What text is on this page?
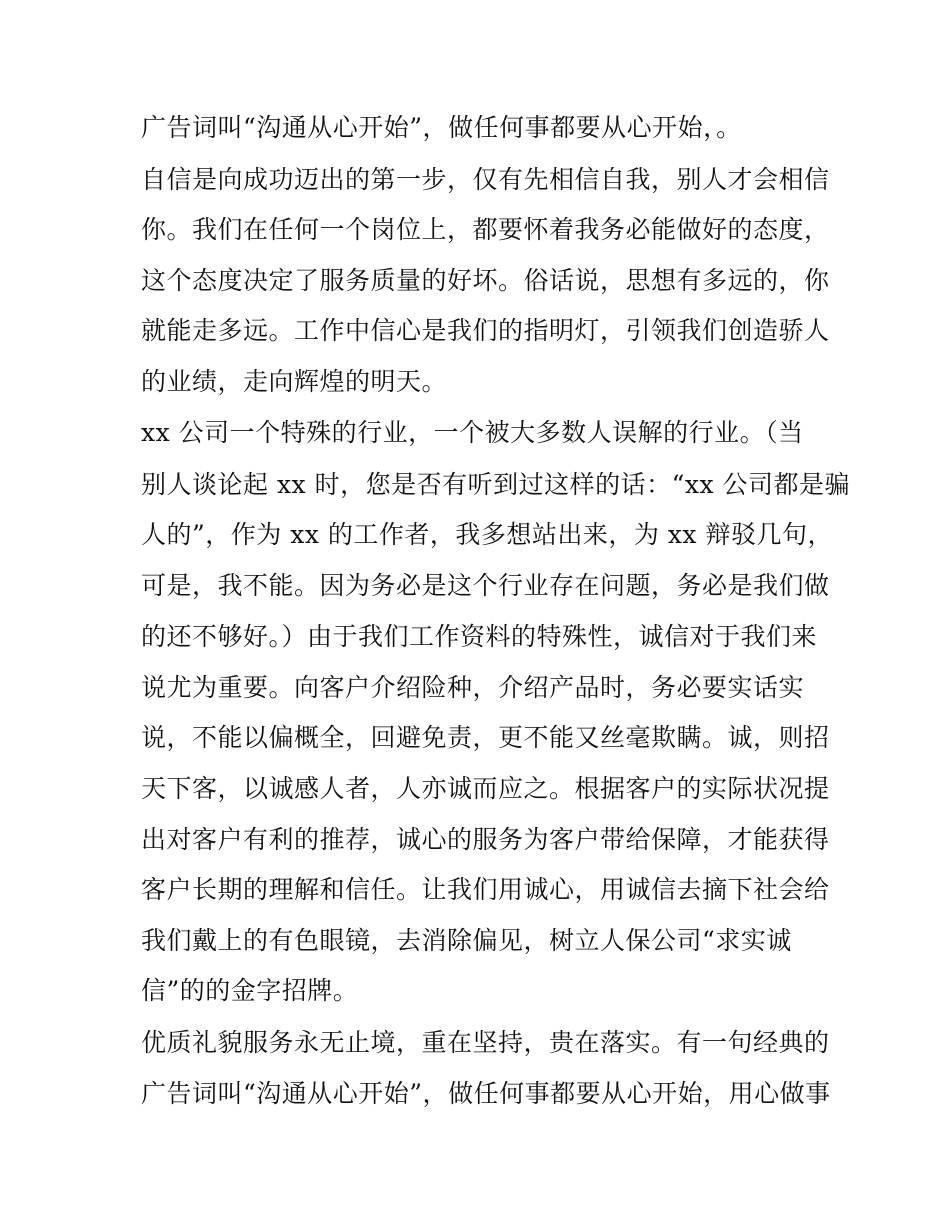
广告词叫“沟通从心开始”，做任何事都要从心开始，。
自信是向成功迈出的第一步，仅有先相信自我，别人才会相信
你。我们在任何一个岗位上，都要怀着我务必能做好的态度，
这个态度决定了服务质量的好坏。俗话说，思想有多远的，你
就能走多远。工作中信心是我们的指明灯，引领我们创造骄人
的业绩，走向辉煌的明天。
xx 公司一个特殊的行业，一个被大多数人误解的行业。（当
别人谈论起 xx 时，您是否有听到过这样的话：“xx 公司都是骗
人的”，作为 xx 的工作者，我多想站出来，为 xx 辩驳几句，
可是，我不能。因为务必是这个行业存在问题，务必是我们做
的还不够好。）由于我们工作资料的特殊性，诚信对于我们来
说尤为重要。向客户介绍险种，介绍产品时，务必要实话实
说，不能以偏概全，回避免责，更不能又丝毫欺瞒。诚，则招
天下客，以诚感人者，人亦诚而应之。根据客户的实际状况提
出对客户有利的推荐，诚心的服务为客户带给保障，才能获得
客户长期的理解和信任。让我们用诚心，用诚信去摘下社会给
我们戴上的有色眼镜，去消除偏见，树立人保公司“求实诚
信”的的金字招牌。
优质礼貌服务永无止境，重在坚持，贵在落实。有一句经典的
广告词叫“沟通从心开始”，做任何事都要从心开始，用心做事
